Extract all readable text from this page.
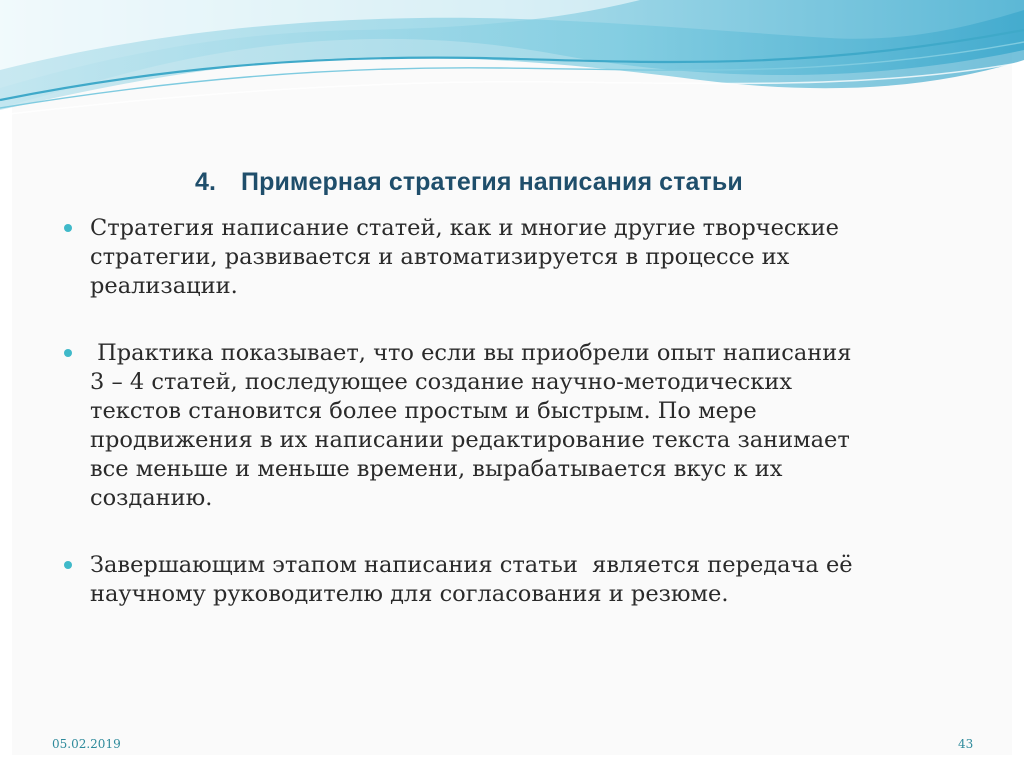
4. Примерная стратегия написания статьи
Стратегия написание статей, как и многие другие творческие
стратегии, развивается и автоматизируется в процессе их
реализации.
Практика показывает, что если вы приобрели опыт написания
3 – 4 статей, последующее создание научно-методических
текстов становится более простым и быстрым. По мере
продвижения в их написании редактирование текста занимает
все меньше и меньше времени, вырабатывается вкус к их
созданию.
Завершающим этапом написания статьи  является передача её
научному руководителю для согласования и резюме.
05.02.2019	43
